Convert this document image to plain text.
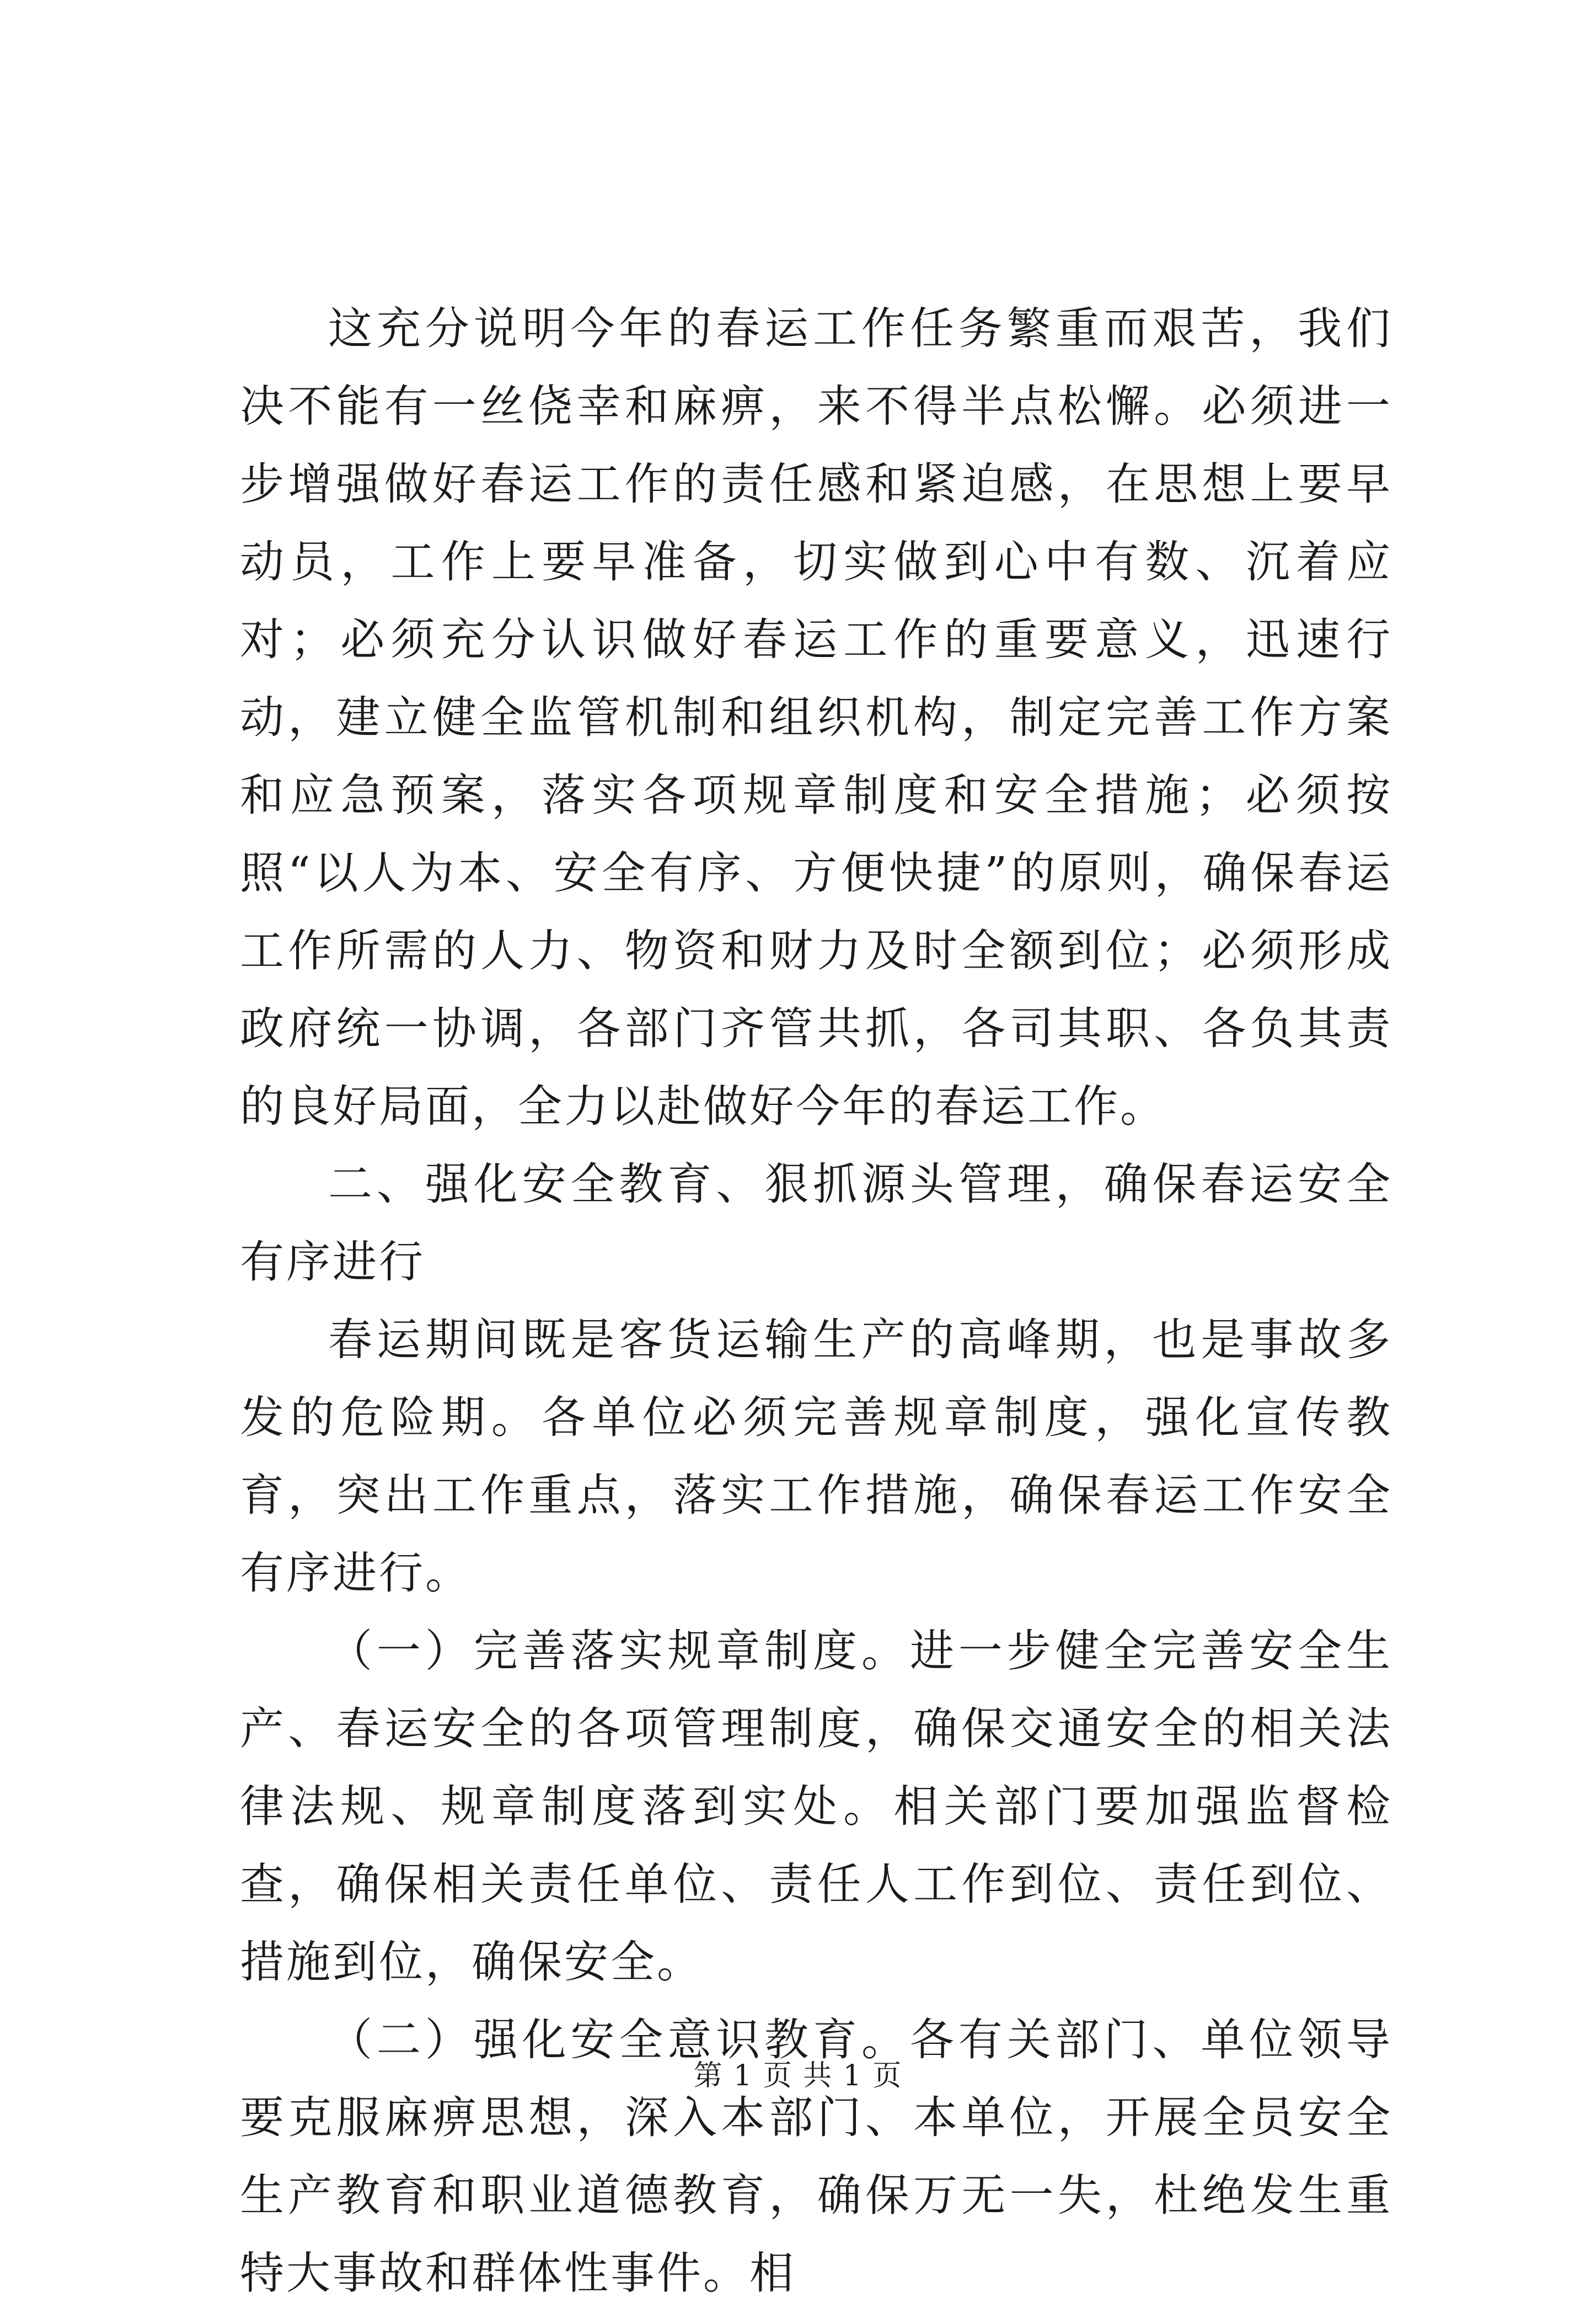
这充分说明今年的春运工作任务繁重而艰苦，我们决不能有一丝侥幸和麻痹，来不得半点松懈。必须进一步增强做好春运工作的责任感和紧迫感，在思想上要早动员，工作上要早准备，切实做到心中有数、沉着应对；必须充分认识做好春运工作的重要意义，迅速行动，建立健全监管机制和组织机构，制定完善工作方案和应急预案，落实各项规章制度和安全措施；必须按照“以人为本、安全有序、方便快捷”的原则，确保春运工作所需的人力、物资和财力及时全额到位；必须形成政府统一协调，各部门齐管共抓，各司其职、各负其责的良好局面，全力以赴做好今年的春运工作。

二、强化安全教育、狠抓源头管理，确保春运安全有序进行

春运期间既是客货运输生产的高峰期，也是事故多发的危险期。各单位必须完善规章制度，强化宣传教育，突出工作重点，落实工作措施，确保春运工作安全有序进行。

（一）完善落实规章制度。进一步健全完善安全生产、春运安全的各项管理制度，确保交通安全的相关法律法规、规章制度落到实处。相关部门要加强监督检查，确保相关责任单位、责任人工作到位、责任到位、措施到位，确保安全。

（二）强化安全意识教育。各有关部门、单位领导要克服麻痹思想，深入本部门、本单位，开展全员安全生产教育和职业道德教育，确保万无一失，杜绝发生重特大事故和群体性事件。相

第 1 页 共 1 页
